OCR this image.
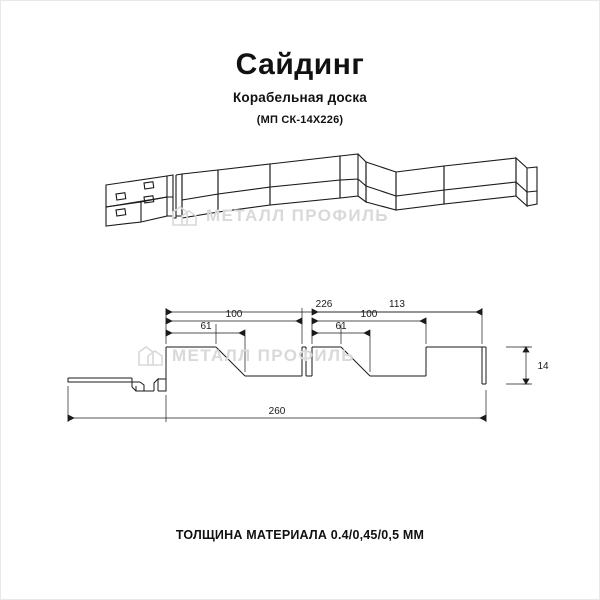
Сайдинг
Корабельная доска
(МП СК-14Х226)
226
100
61
113
100
61
14
260
МЕТАЛЛ ПРОФИЛЬ
МЕТАЛЛ ПРОФИЛЬ
ТОЛЩИНА МАТЕРИАЛА 0.4/0,45/0,5 ММ
